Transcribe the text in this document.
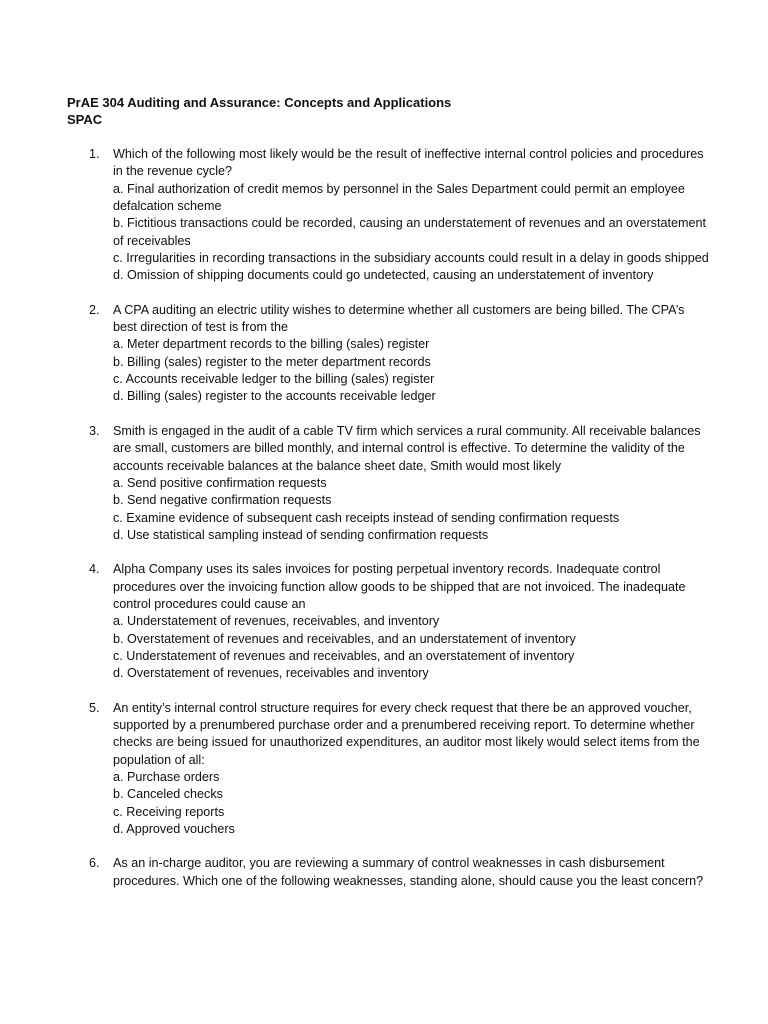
PrAE 304 Auditing and Assurance: Concepts and Applications
SPAC
1.	Which of the following most likely would be the result of ineffective internal control policies and procedures in the revenue cycle?
a. Final authorization of credit memos by personnel in the Sales Department could permit an employee defalcation scheme
b. Fictitious transactions could be recorded, causing an understatement of revenues and an overstatement of receivables
c. Irregularities in recording transactions in the subsidiary accounts could result in a delay in goods shipped
d. Omission of shipping documents could go undetected, causing an understatement of inventory
2.	A CPA auditing an electric utility wishes to determine whether all customers are being billed. The CPA’s best direction of test is from the
a. Meter department records to the billing (sales) register
b. Billing (sales) register to the meter department records
c. Accounts receivable ledger to the billing (sales) register
d. Billing (sales) register to the accounts receivable ledger
3.	Smith is engaged in the audit of a cable TV firm which services a rural community. All receivable balances are small, customers are billed monthly, and internal control is effective. To determine the validity of the accounts receivable balances at the balance sheet date, Smith would most likely
a. Send positive confirmation requests
b. Send negative confirmation requests
c. Examine evidence of subsequent cash receipts instead of sending confirmation requests
d. Use statistical sampling instead of sending confirmation requests
4.	Alpha Company uses its sales invoices for posting perpetual inventory records. Inadequate control procedures over the invoicing function allow goods to be shipped that are not invoiced. The inadequate control procedures could cause an
a. Understatement of revenues, receivables, and inventory
b. Overstatement of revenues and receivables, and an understatement of inventory
c. Understatement of revenues and receivables, and an overstatement of inventory
d. Overstatement of revenues, receivables and inventory
5.	An entity’s internal control structure requires for every check request that there be an approved voucher, supported by a prenumbered purchase order and a prenumbered receiving report. To determine whether checks are being issued for unauthorized expenditures, an auditor most likely would select items from the population of all:
a. Purchase orders
b. Canceled checks
c. Receiving reports
d. Approved vouchers
6.	As an in-charge auditor, you are reviewing a summary of control weaknesses in cash disbursement procedures. Which one of the following weaknesses, standing alone, should cause you the least concern?
